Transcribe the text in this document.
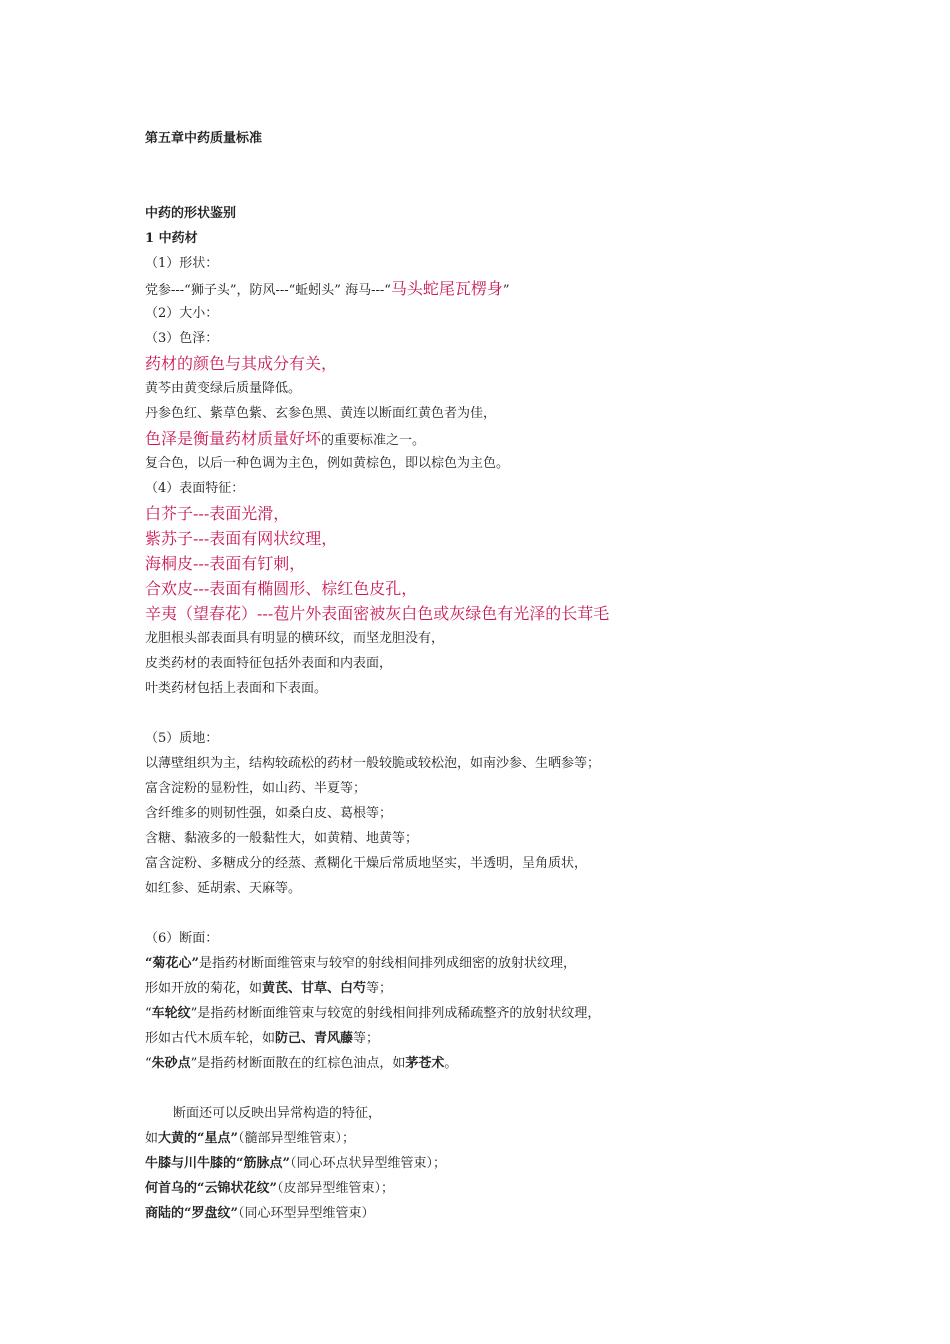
第五章中药质量标准
中药的形状鉴别
1 中药材
（1）形状：
党参---“狮子头”，防风---“蚯蚓头” 海马---“马头蛇尾瓦楞身”
（2）大小：
（3）色泽：
药材的颜色与其成分有关，
黄芩由黄变绿后质量降低。
丹参色红、紫草色紫、玄参色黑、黄连以断面红黄色者为佳，
色泽是衡量药材质量好坏的重要标准之一。
复合色，以后一种色调为主色，例如黄棕色，即以棕色为主色。
（4）表面特征：
白芥子---表面光滑，
紫苏子---表面有网状纹理，
海桐皮---表面有钉刺，
合欢皮---表面有椭圆形、棕红色皮孔，
辛夷（望春花）---苞片外表面密被灰白色或灰绿色有光泽的长茸毛
龙胆根头部表面具有明显的横环纹，而坚龙胆没有，
皮类药材的表面特征包括外表面和内表面，
叶类药材包括上表面和下表面。
（5）质地：
以薄壁组织为主，结构较疏松的药材一般较脆或较松泡，如南沙参、生晒参等；
富含淀粉的显粉性，如山药、半夏等；
含纤维多的则韧性强，如桑白皮、葛根等；
含糖、黏液多的一般黏性大，如黄精、地黄等；
富含淀粉、多糖成分的经蒸、煮糊化干燥后常质地坚实，半透明，呈角质状，
如红参、延胡索、天麻等。
（6）断面：
“菊花心”是指药材断面维管束与较窄的射线相间排列成细密的放射状纹理，
形如开放的菊花，如黄芪、甘草、白芍等；
“车轮纹”是指药材断面维管束与较宽的射线相间排列成稀疏整齐的放射状纹理，
形如古代木质车轮，如防己、青风藤等；
“朱砂点”是指药材断面散在的红棕色油点，如茅苍术。
断面还可以反映出异常构造的特征，
如大黄的“星点”（髓部异型维管束）；
牛膝与川牛膝的“筋脉点”（同心环点状异型维管束）；
何首乌的“云锦状花纹”（皮部异型维管束）；
商陆的“罗盘纹”（同心环型异型维管束）
